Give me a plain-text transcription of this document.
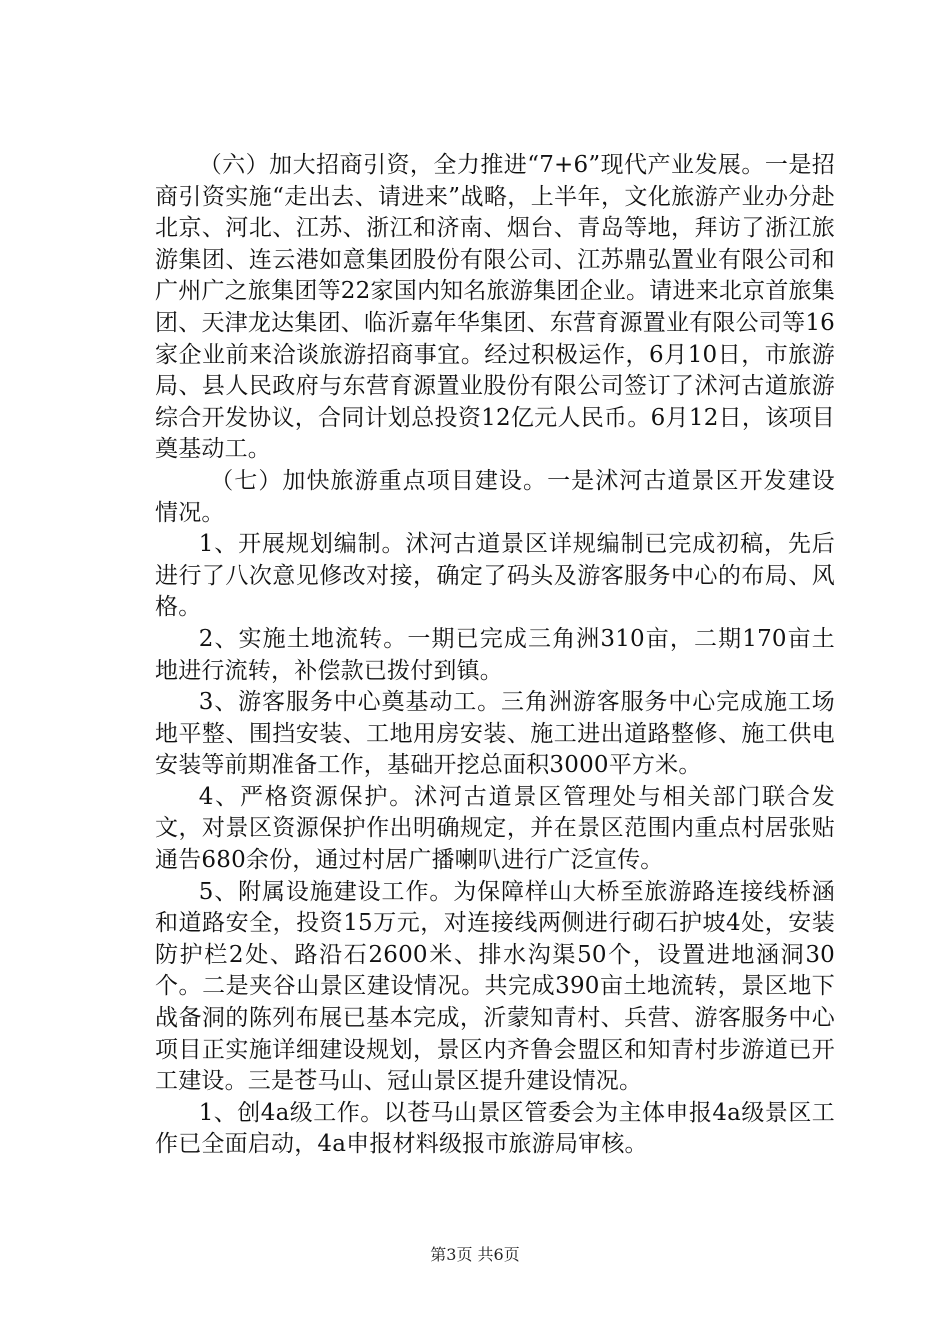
（六）加大招商引资，全力推进“7+6”现代产业发展。一是招商引资实施“走出去、请进来”战略，上半年，文化旅游产业办分赴北京、河北、江苏、浙江和济南、烟台、青岛等地，拜访了浙江旅游集团、连云港如意集团股份有限公司、江苏鼎弘置业有限公司和广州广之旅集团等22家国内知名旅游集团企业。请进来北京首旅集团、天津龙达集团、临沂嘉年华集团、东营育源置业有限公司等16家企业前来洽谈旅游招商事宜。经过积极运作，6月10日，市旅游局、县人民政府与东营育源置业股份有限公司签订了沭河古道旅游综合开发协议，合同计划总投资12亿元人民币。6月12日，该项目奠基动工。

（七）加快旅游重点项目建设。一是沭河古道景区开发建设情况。

1、开展规划编制。沭河古道景区详规编制已完成初稿，先后进行了八次意见修改对接，确定了码头及游客服务中心的布局、风格。

2、实施土地流转。一期已完成三角洲310亩，二期170亩土地进行流转，补偿款已拨付到镇。

3、游客服务中心奠基动工。三角洲游客服务中心完成施工场地平整、围挡安装、工地用房安装、施工进出道路整修、施工供电安装等前期准备工作，基础开挖总面积3000平方米。

4、严格资源保护。沭河古道景区管理处与相关部门联合发文，对景区资源保护作出明确规定，并在景区范围内重点村居张贴通告680余份，通过村居广播喇叭进行广泛宣传。

5、附属设施建设工作。为保障样山大桥至旅游路连接线桥涵和道路安全，投资15万元，对连接线两侧进行砌石护坡4处，安装防护栏2处、路沿石2600米、排水沟渠50个，设置进地涵洞30个。二是夹谷山景区建设情况。共完成390亩土地流转，景区地下战备洞的陈列布展已基本完成，沂蒙知青村、兵营、游客服务中心项目正实施详细建设规划，景区内齐鲁会盟区和知青村步游道已开工建设。三是苍马山、冠山景区提升建设情况。

1、创4a级工作。以苍马山景区管委会为主体申报4a级景区工作已全面启动，4a申报材料级报市旅游局审核。

第3页 共6页
